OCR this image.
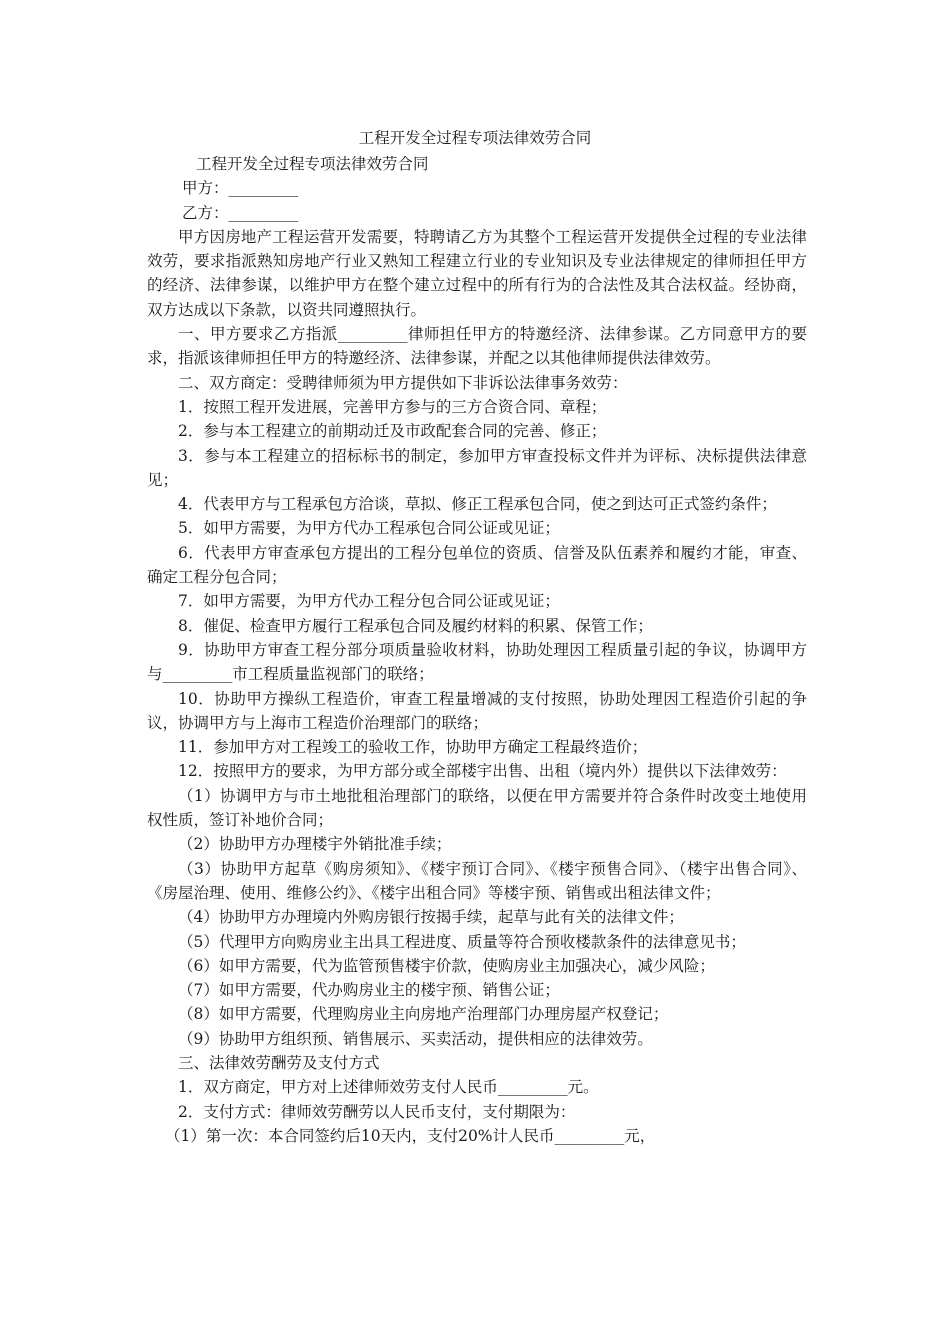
工程开发全过程专项法律效劳合同
工程开发全过程专项法律效劳合同
甲方：_________
乙方：_________
甲方因房地产工程运营开发需要，特聘请乙方为其整个工程运营开发提供全过程的专业法律效劳，要求指派熟知房地产行业又熟知工程建立行业的专业知识及专业法律规定的律师担任甲方的经济、法律参谋，以维护甲方在整个建立过程中的所有行为的合法性及其合法权益。经协商，双方达成以下条款，以资共同遵照执行。
一、甲方要求乙方指派_________律师担任甲方的特邀经济、法律参谋。乙方同意甲方的要求，指派该律师担任甲方的特邀经济、法律参谋，并配之以其他律师提供法律效劳。
二、双方商定：受聘律师须为甲方提供如下非诉讼法律事务效劳：
1．按照工程开发进展，完善甲方参与的三方合资合同、章程；
2．参与本工程建立的前期动迁及市政配套合同的完善、修正；
3．参与本工程建立的招标标书的制定，参加甲方审查投标文件并为评标、决标提供法律意见；
4．代表甲方与工程承包方洽谈，草拟、修正工程承包合同，使之到达可正式签约条件；
5．如甲方需要，为甲方代办工程承包合同公证或见证；
6．代表甲方审查承包方提出的工程分包单位的资质、信誉及队伍素养和履约才能，审查、确定工程分包合同；
7．如甲方需要，为甲方代办工程分包合同公证或见证；
8．催促、检查甲方履行工程承包合同及履约材料的积累、保管工作；
9．协助甲方审查工程分部分项质量验收材料，协助处理因工程质量引起的争议，协调甲方与_________市工程质量监视部门的联络；
10．协助甲方操纵工程造价，审查工程量增减的支付按照，协助处理因工程造价引起的争议，协调甲方与上海市工程造价治理部门的联络；
11．参加甲方对工程竣工的验收工作，协助甲方确定工程最终造价；
12．按照甲方的要求，为甲方部分或全部楼宇出售、出租（境内外）提供以下法律效劳：
（1）协调甲方与市土地批租治理部门的联络，以便在甲方需要并符合条件时改变土地使用权性质，签订补地价合同；
（2）协助甲方办理楼宇外销批准手续；
（3）协助甲方起草《购房须知》、《楼宇预订合同》、《楼宇预售合同》、（楼宇出售合同》、《房屋治理、使用、维修公约》、《楼宇出租合同》等楼宇预、销售或出租法律文件；
（4）协助甲方办理境内外购房银行按揭手续，起草与此有关的法律文件；
（5）代理甲方向购房业主出具工程进度、质量等符合预收楼款条件的法律意见书；
（6）如甲方需要，代为监管预售楼宇价款，使购房业主加强决心，减少风险；
（7）如甲方需要，代办购房业主的楼宇预、销售公证；
（8）如甲方需要，代理购房业主向房地产治理部门办理房屋产权登记；
（9）协助甲方组织预、销售展示、买卖活动，提供相应的法律效劳。
三、法律效劳酬劳及支付方式
1．双方商定，甲方对上述律师效劳支付人民币_________元。
2．支付方式：律师效劳酬劳以人民币支付，支付期限为：
（1）第一次：本合同签约后10天内，支付20%计人民币_________元，
